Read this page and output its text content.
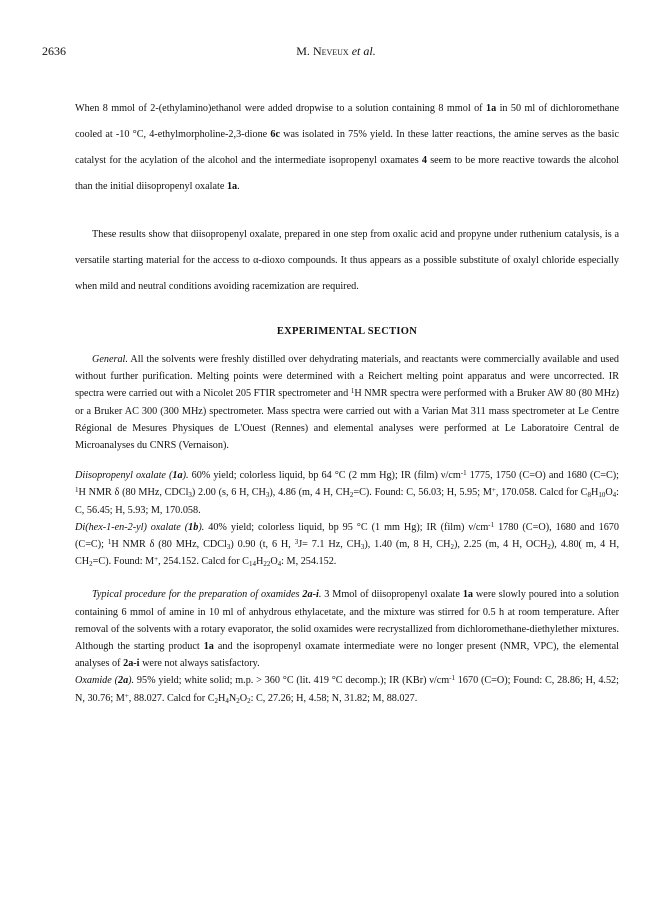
2636	M. Neveux et al.

When 8 mmol of 2-(ethylamino)ethanol were added dropwise to a solution containing 8 mmol of 1a in 50 ml of dichloromethane cooled at -10 °C, 4-ethylmorpholine-2,3-dione 6c was isolated in 75% yield. In these latter reactions, the amine serves as the basic catalyst for the acylation of the alcohol and the intermediate isopropenyl oxamates 4 seem to be more reactive towards the alcohol than the initial diisopropenyl oxalate 1a.

These results show that diisopropenyl oxalate, prepared in one step from oxalic acid and propyne under ruthenium catalysis, is a versatile starting material for the access to α-dioxo compounds. It thus appears as a possible substitute of oxalyl chloride especially when mild and neutral conditions avoiding racemization are required.

EXPERIMENTAL SECTION

General. All the solvents were freshly distilled over dehydrating materials, and reactants were commercially available and used without further purification. Melting points were determined with a Reichert melting point apparatus and were uncorrected. IR spectra were carried out with a Nicolet 205 FTIR spectrometer and $^1$H NMR spectra were performed with a Bruker AW 80 (80 MHz) or a Bruker AC 300 (300 MHz) spectrometer. Mass spectra were carried out with a Varian Mat 311 mass spectrometer at Le Centre Régional de Mesures Physiques de L'Ouest (Rennes) and elemental analyses were performed at Le Laboratoire Central de Microanalyses du CNRS (Vernaison).

Diisopropenyl oxalate (1a). 60% yield; colorless liquid, bp 64 °C (2 mm Hg); IR (film) $\nu/cm^{-1}$ 1775, 1750 (C=O) and 1680 (C=C); $^1$H NMR δ (80 MHz, CDCl$_3$) 2.00 (s, 6 H, $CH_3$), 4.86 (m, 4 H, $CH_2=C$). Found: C, 56.03; H, 5.95; M+, 170.058. Calcd for $C_8H_{10}O_4$: C, 56.45; H, 5.93; M, 170.058.

Di(hex-1-en-2-yl) oxalate (1b). 40% yield; colorless liquid, bp 95 °C (1 mm Hg); IR (film) $\nu/cm^{-1}$ 1780 (C=O), 1680 and 1670 (C=C); $^1$H NMR δ (80 MHz, CDCl$_3$) 0.90 (t, 6 H, $^3$J= 7.1 Hz, $CH_3$), 1.40 (m, 8 H, $CH_2$), 2.25 (m, 4 H, $OCH_2$), 4.80( m, 4 H, $CH_2=C$). Found: M+, 254.152. Calcd for $C_{14}H_{22}O_4$: M, 254.152.

Typical procedure for the preparation of oxamides 2a-i. 3 Mmol of diisopropenyl oxalate 1a were slowly poured into a solution containing 6 mmol of amine in 10 ml of anhydrous ethylacetate, and the mixture was stirred for 0.5 h at room temperature. After removal of the solvents with a rotary evaporator, the solid oxamides were recrystallized from dichloromethane-diethylether mixtures. Although the starting product 1a and the isopropenyl oxamate intermediate were no longer present (NMR, VPC), the elemental analyses of 2a-i were not always satisfactory.

Oxamide (2a). 95% yield; white solid; m.p. > 360 °C (lit. 419 °C decomp.); IR (KBr) $\nu/cm^{-1}$ 1670 (C=O); Found: C, 28.86; H, 4.52; N, 30.76; M+, 88.027. Calcd for $C_2H_4N_2O_2$: C, 27.26; H, 4.58; N, 31.82; M, 88.027.
